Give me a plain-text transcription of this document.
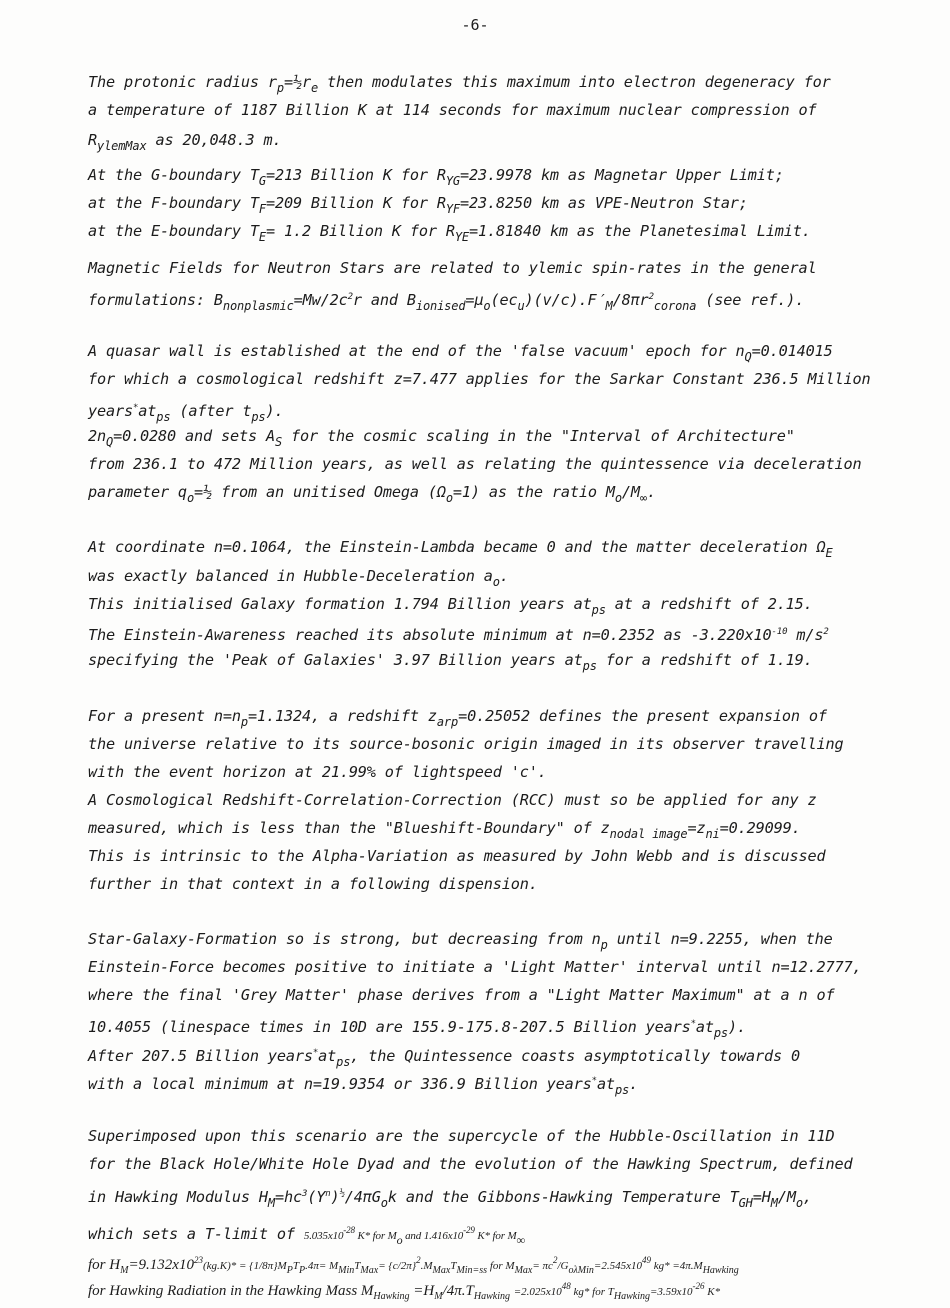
-6-
The protonic radius $r_p=\frac{1}{2}r_e$ then modulates this maximum into electron degeneracy for
a temperature of 1187 Billion K at 114 seconds for maximum nuclear compression of
$R_{ylemMax}$ as 20,048.3 m.
At the G-boundary $T_G=213$ Billion K for $R_{YG}=23.9978$ km as Magnetar Upper Limit;
at the F-boundary $T_F=209$ Billion K for $R_{YF}=23.8250$ km as VPE-Neutron Star;
at the E-boundary $T_E= 1.2$ Billion K for $R_{YE}=1.81840$ km as the Planetesimal Limit.
Magnetic Fields for Neutron Stars are related to ylemic spin-rates in the general
formulations: $B_{nonplasmic}=Mw/2c^2r$ and $B_{ionised}=\mu_o(ec_u)(v/c).F'_M/8\pi r^2_{corona}$ (see ref.).
A quasar wall is established at the end of the 'false vacuum' epoch for $n_Q=0.014015$
for which a cosmological redshift z=7.477 applies for the Sarkar Constant 236.5 Million
$years^*at_{ps}$ (after $t_{ps}$).
$2n_Q=0.0280$ and sets $A_S$ for the cosmic scaling in the "Interval of Architecture"
from 236.1 to 472 Million years, as well as relating the quintessence via deceleration
parameter $q_o=\frac{1}{2}$ from an unitised Omega $(\Omega_o=1)$ as the ratio $M_o/M_\infty$.
At coordinate n=0.1064, the Einstein-Lambda became 0 and the matter deceleration $\Omega_E$
was exactly balanced in Hubble-Deceleration $a_o$.
This initialised Galaxy formation 1.794 Billion years $at_{ps}$ at a redshift of 2.15.
The Einstein-Awareness reached its absolute minimum at n=0.2352 as $-3.220x10^{-10}$ $m/s^2$
specifying the 'Peak of Galaxies' 3.97 Billion years $at_{ps}$ for a redshift of 1.19.
For a present $n=n_p=1.1324$, a redshift $z_{arp}=0.25052$ defines the present expansion of
the universe relative to its source-bosonic origin imaged in its observer travelling
with the event horizon at 21.99% of lightspeed 'c'.
A Cosmological Redshift-Correlation-Correction (RCC) must so be applied for any z
measured, which is less than the "Blueshift-Boundary" of $z_{nodal image}=z_{ni}=0.29099$.
This is intrinsic to the Alpha-Variation as measured by John Webb and is discussed
further in that context in a following dispension.
Star-Galaxy-Formation so is strong, but decreasing from $n_p$ until n=9.2255, when the
Einstein-Force becomes positive to initiate a 'Light Matter' interval until n=12.2777,
where the final 'Grey Matter' phase derives from a "Light Matter Maximum" at a n of
10.4055 (linespace times in 10D are 155.9-175.8-207.5 Billion $years^*at_{ps}$).
After 207.5 Billion $years^*at_{ps}$, the Quintessence coasts asymptotically towards 0
with a local minimum at n=19.9354 or 336.9 Billion $years^*at_{ps}$.
Superimposed upon this scenario are the supercycle of the Hubble-Oscillation in 11D
for the Black Hole/White Hole Dyad and the evolution of the Hawking Spectrum, defined
in Hawking Modulus $H_M=hc^3(Y^n)^{\frac{1}{2}}/4\pi G_ok$ and the Gibbons-Hawking Temperature $T_{GH}=H_M/M_o$,
which sets a T-limit of $5.035x10^{-28}$ K* for $M_o$ and $1.416x10^{-29}$ K* for $M_\infty$
for $H_M=9.132x10^{23}(kg.K)* = \{1/8\pi\}M_PT_P.4\pi= M_{Min}T_{Max}= \{c/2\pi\}^2.M_{Max}T_{Min=ss}$ for $M_{Max}= \pi c^2/G_{o\lambda Min}=2.545x10^{49}$ $kg* =4\pi.M_{Hawking}$
for Hawking Radiation in the Hawking Mass $M_{Hawking} =H_M/4\pi.T_{Hawking} =2.025x10^{48}$ kg* for $T_{Hawking}=3.59x10^{-26}$ K*
